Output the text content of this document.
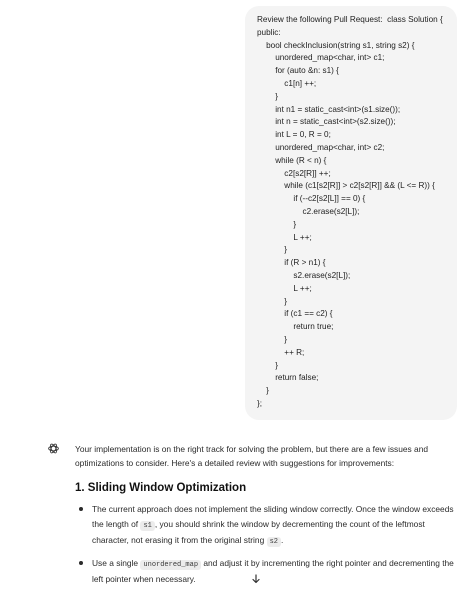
Review the following Pull Request:  class Solution {
public:
bool checkInclusion(string s1, string s2) {
unordered_map<char, int> c1;
for (auto &n: s1) {
c1[n] ++;
}
int n1 = static_cast<int>(s1.size());
int n = static_cast<int>(s2.size());
int L = 0, R = 0;
unordered_map<char, int> c2;
while (R < n) {
c2[s2[R]] ++;
while (c1[s2[R]] > c2[s2[R]] && (L <= R)) {
if (--c2[s2[L]] == 0) {
c2.erase(s2[L]);
}
L ++;
}
if (R > n1) {
s2.erase(s2[L]);
L ++;
}
if (c1 == c2) {
return true;
}
++ R;
}
return false;
}
};
Your implementation is on the right track for solving the problem, but there are a few issues and optimizations to consider. Here's a detailed review with suggestions for improvements:
1. Sliding Window Optimization
The current approach does not implement the sliding window correctly. Once the window exceeds the length of s1 , you should shrink the window by decrementing the count of the leftmost character, not erasing it from the original string s2 .
Use a single unordered_map and adjust it by incrementing the right pointer and decrementing the left pointer when necessary.
